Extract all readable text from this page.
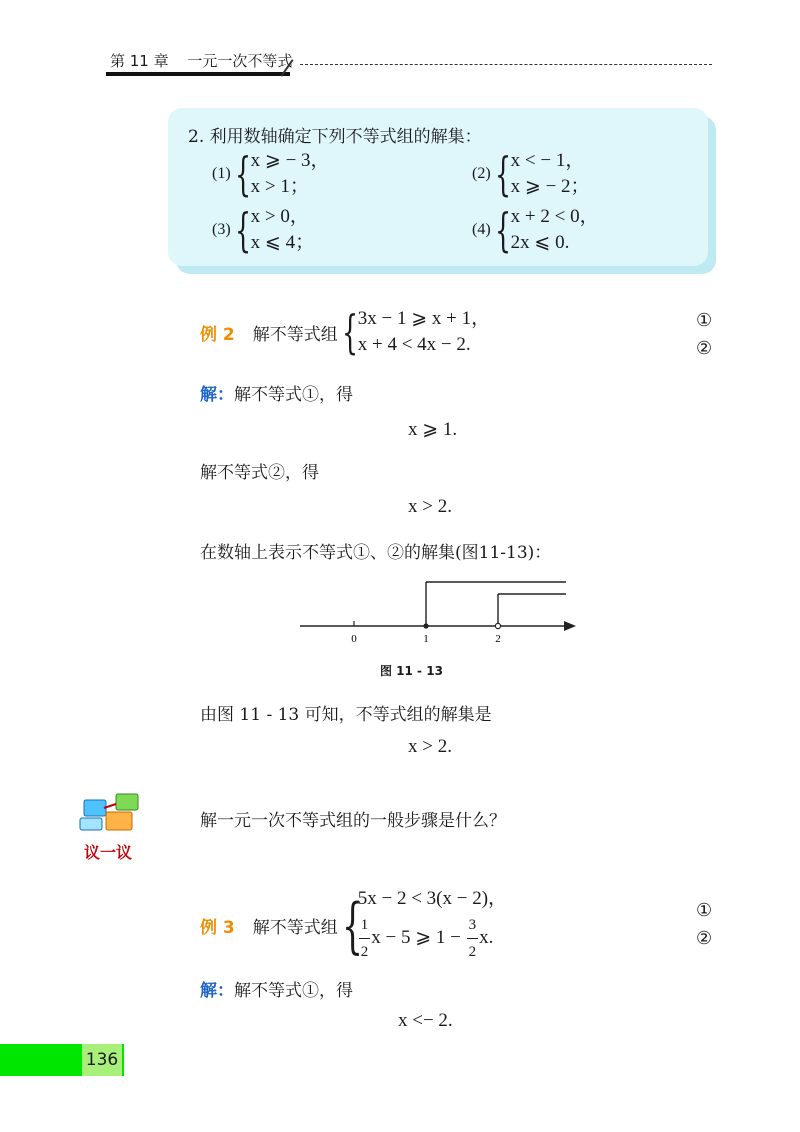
第 11 章 一元一次不等式
2. 利用数轴确定下列不等式组的解集：
(1) { x ⩾ − 3，
x > 1；
(2) { x < − 1，
x ⩾ − 2；
(3) { x > 0，
x ⩽ 4；
(4) { x + 2 < 0，
2x ⩽ 0.
例 2 解不等式组 { 3x − 1 ⩾ x + 1，
x + 4 < 4x − 2.
①
②
解：解不等式①，得
x ⩾ 1.
解不等式②，得
x > 2.
在数轴上表示不等式①、②的解集(图11-13)：
0	1	2
图 11 - 13
由图 11 - 13 可知，不等式组的解集是
x > 2.
议一议
解一元一次不等式组的一般步骤是什么？
例 3 解不等式组 {
5x − 2 < 3(x − 2)，
$\frac{1}{2}$ x − 5 ⩾ $1 - \frac{3}{2} x$.
①
②
解：解不等式①，得
x <− 2.
136
